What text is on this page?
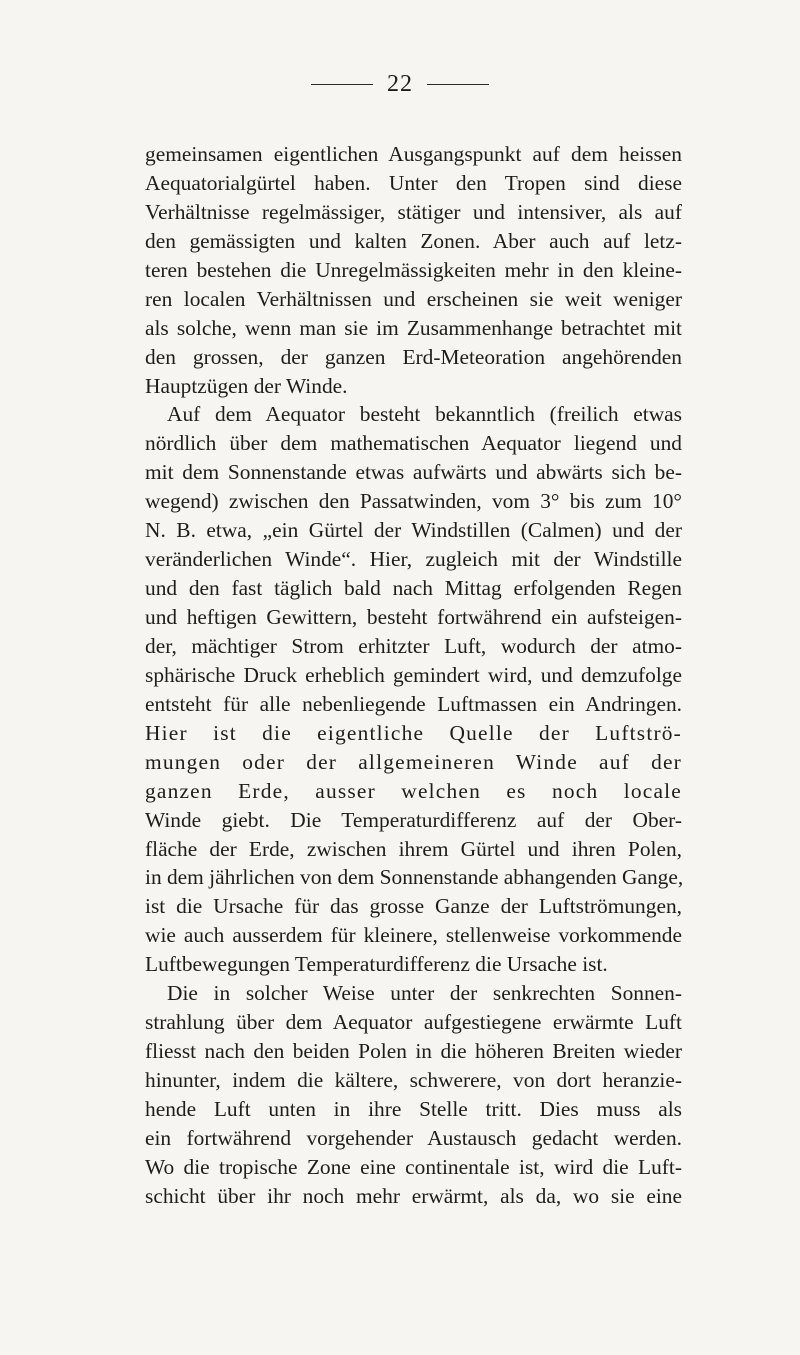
22
gemeinsamen eigentlichen Ausgangspunkt auf dem heissen
Aequatorialgürtel haben. Unter den Tropen sind diese
Verhältnisse regelmässiger, stätiger und intensiver, als auf
den gemässigten und kalten Zonen. Aber auch auf letz-
teren bestehen die Unregelmässigkeiten mehr in den kleine-
ren localen Verhältnissen und erscheinen sie weit weniger
als solche, wenn man sie im Zusammenhange betrachtet mit
den grossen, der ganzen Erd-Meteoration angehörenden
Hauptzügen der Winde.
Auf dem Aequator besteht bekanntlich (freilich etwas
nördlich über dem mathematischen Aequator liegend und
mit dem Sonnenstande etwas aufwärts und abwärts sich be-
wegend) zwischen den Passatwinden, vom 3° bis zum 10°
N. B. etwa, „ein Gürtel der Windstillen (Calmen) und der
veränderlichen Winde“. Hier, zugleich mit der Windstille
und den fast täglich bald nach Mittag erfolgenden Regen
und heftigen Gewittern, besteht fortwährend ein aufsteigen-
der, mächtiger Strom erhitzter Luft, wodurch der atmo-
sphärische Druck erheblich gemindert wird, und demzufolge
entsteht für alle nebenliegende Luftmassen ein Andringen.
Hier ist die eigentliche Quelle der Luftströ-
mungen oder der allgemeineren Winde auf der
ganzen Erde, ausser welchen es noch locale
Winde giebt. Die Temperaturdifferenz auf der Ober-
fläche der Erde, zwischen ihrem Gürtel und ihren Polen,
in dem jährlichen von dem Sonnenstande abhangenden Gange,
ist die Ursache für das grosse Ganze der Luftströmungen,
wie auch ausserdem für kleinere, stellenweise vorkommende
Luftbewegungen Temperaturdifferenz die Ursache ist.
Die in solcher Weise unter der senkrechten Sonnen-
strahlung über dem Aequator aufgestiegene erwärmte Luft
fliesst nach den beiden Polen in die höheren Breiten wieder
hinunter, indem die kältere, schwerere, von dort heranzie-
hende Luft unten in ihre Stelle tritt. Dies muss als
ein fortwährend vorgehender Austausch gedacht werden.
Wo die tropische Zone eine continentale ist, wird die Luft-
schicht über ihr noch mehr erwärmt, als da, wo sie eine
